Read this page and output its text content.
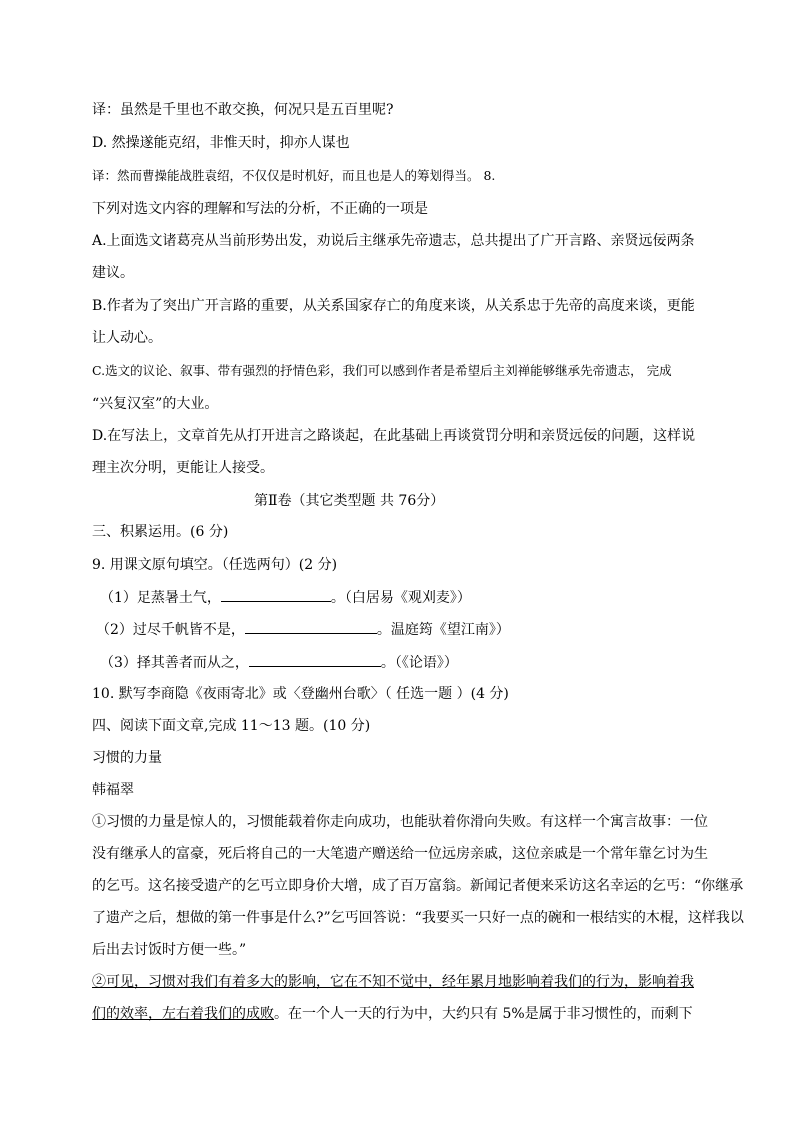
译：虽然是千里也不敢交换，何况只是五百里呢?
D. 然操遂能克绍，非惟天时，抑亦人谋也
译：然而曹操能战胜袁绍，不仅仅是时机好，而且也是人的筹划得当。 8.
下列对选文内容的理解和写法的分析，不正确的一项是
A.上面选文诸葛亮从当前形势出发，劝说后主继承先帝遗志，总共提出了广开言路、亲贤远佞两条
建议。
B.作者为了突出广开言路的重要，从关系国家存亡的角度来谈，从关系忠于先帝的高度来谈，更能
让人动心。
C.选文的议论、叙事、带有强烈的抒情色彩，我们可以感到作者是希望后主刘禅能够继承先帝遗志， 完成
“兴复汉室”的大业。
D.在写法上，文章首先从打开进言之路谈起，在此基础上再谈赏罚分明和亲贤远佞的问题，这样说
理主次分明，更能让人接受。
第Ⅱ卷（其它类型题 共 76分）
三、积累运用。(6 分)
9. 用课文原句填空。（任选两句）(2 分)
（1）足蒸暑土气，	。（白居易《观刈麦》）
（2）过尽千帆皆不是，	。温庭筠《望江南》）
（3）择其善者而从之，	。（《论语》）
10. 默写李商隐《夜雨寄北》或〈登幽州台歌〉（ 任选一题 ）(4 分)
四、阅读下面文章,完成 11～13 题。(10 分)
习惯的力量
韩福翠
①习惯的力量是惊人的，习惯能载着你走向成功，也能驮着你滑向失败。有这样一个寓言故事：一位
没有继承人的富豪，死后将自己的一大笔遗产赠送给一位远房亲戚，这位亲戚是一个常年靠乞讨为生
的乞丐。这名接受遗产的乞丐立即身价大增，成了百万富翁。新闻记者便来采访这名幸运的乞丐：“你继承
了遗产之后，想做的第一件事是什么?”乞丐回答说：“我要买一只好一点的碗和一根结实的木棍，这样我以
后出去讨饭时方便一些。”
②可见，习惯对我们有着多大的影响，它在不知不觉中，经年累月地影响着我们的行为，影响着我
们的效率，左右着我们的成败。在一个人一天的行为中，大约只有 5%是属于非习惯性的，而剩下
